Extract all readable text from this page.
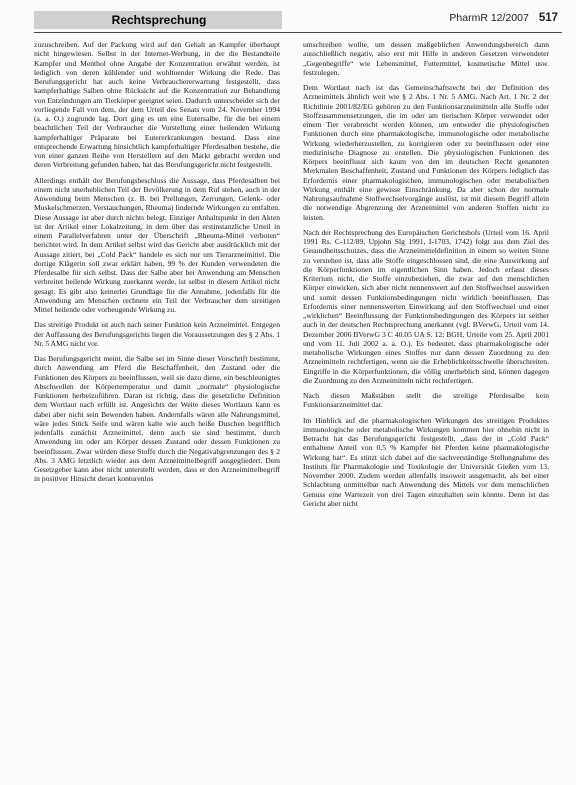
Rechtsprechung	PharmR 12/2007 517

zuzuschreiben. Auf der Packung wird auf den Gehalt an Kampfer überhaupt nicht hingewiesen. Selbst in der Internet-Werbung, in der die Bestandteile Kampfer und Menthol ohne Angabe der Konzentration erwähnt werden, ist lediglich von deren kühlender und wohltuender Wirkung die Rede. Das Berufungsgericht hat auch keine Verbrauchererwartung festgestellt, dass kampferhaltige Salben ohne Rücksicht auf die Konzentration zur Behandlung von Entzündungen am Tierkörper geeignet seien. Dadurch unterscheidet sich der vorliegende Fall von dem, der dem Urteil des Senats vom 24. November 1994 (a. a. O.) zugrunde lag. Dort ging es um eine Eutersalbe, für die bei einem beachtlichen Teil der Verbraucher die Vorstellung einer heilenden Wirkung kampferhaltiger Präparate bei Eutererkrankungen bestand. Dass eine entsprechende Erwartung hinsichtlich kampferhaltiger Pferdesalben bestehe, die von einer ganzen Reihe von Herstellern auf den Markt gebracht werden und deren Verbreitung gefunden haben, hat das Berufungsgericht nicht festgestellt.

Allerdings enthält der Berufungsbeschluss die Aussage, dass Pferdesalben bei einem nicht unerheblichen Teil der Bevölkerung in dem Ruf stehen, auch in der Anwendung beim Menschen (z. B. bei Prellungen, Zerrungen, Gelenk- oder Muskelschmerzen, Verstauchungen, Rheuma) lindernde Wirkungen zu entfalten. Diese Aussage ist aber durch nichts belegt. Einziger Anhaltspunkt in den Akten ist der Artikel einer Lokalzeitung, in dem über das erstinstanzliche Urteil in einem Parallelverfahren unter der Überschrift „Rheuma-Mittel verboten“ berichtet wird. In dem Artikel selbst wird das Gericht aber ausdrücklich mit der Aussage zitiert, bei „Cold Pack“ handele es sich nur um Tierarzneimittel. Die dortige Klägerin soll zwar erklärt haben, 99 % der Kunden verwendeten die Pferdesalbe für sich selbst. Dass der Salbe aber bei Anwendung am Menschen verbreitet heilende Wirkung zuerkannt werde, ist selbst in diesem Artikel nicht gesagt. Es gibt also keinerlei Grundlage für die Annahme, jedenfalls für die Anwendung am Menschen rechnete ein Teil der Verbraucher dem streitigen Mittel heilende oder vorbeugende Wirkung zu.

Das streitige Produkt ist auch nach seiner Funktion kein Arzneimittel. Entgegen der Auffassung des Berufungsgerichts liegen die Voraussetzungen des § 2 Abs. 1 Nr. 5 AMG nicht vor.

Das Berufungsgericht meint, die Salbe sei im Sinne dieser Vorschrift bestimmt, durch Anwendung am Pferd die Beschaffenheit, den Zustand oder die Funktionen des Körpers zu beeinflussen, weil sie dazu diene, ein beschleunigtes Abschwellen der Körpertemperatur und damit „normale“ physiologische Funktionen herbeizuführen. Daran ist richtig, dass die gesetzliche Definition dem Wortlaut nach erfüllt ist. Angesichts der Weite dieses Wortlauts kann es dabei aber nicht sein Bewenden haben. Andernfalls wären alle Nahrungsmittel, wäre jedes Stück Seife und wären kalte wie auch heiße Duschen begrifflich jedenfalls zunächst Arzneimittel, denn auch sie sind bestimmt, durch Anwendung im oder am Körper dessen Zustand oder dessen Funktionen zu beeinflussen. Zwar würden diese Stoffe durch die Negativabgrenzungen des § 2 Abs. 3 AMG letztlich wieder aus dem Arzneimittelbegriff ausgegliedert. Dem Gesetzgeber kann aber nicht unterstellt werden, dass er den Arzneimittelbegriff in positiver Hinsicht derart konturenlos

umschreiben wollte, um dessen maßgeblichen Anwendungsbereich dann ausschließlich negativ, also erst mit Hilfe in anderen Gesetzen verwendeter „Gegenbegriffe“ wie Lebensmittel, Futtermittel, kosmetische Mittel usw. festzulegen.

Dem Wortlaut nach ist das Gemeinschaftsrecht bei der Definition des Arzneimittels ähnlich weit wie § 2 Abs. 1 Nr. 5 AMG. Nach Art. 1 Nr. 2 der Richtlinie 2001/82/EG gehören zu den Funktionsarzneimitteln alle Stoffe oder Stoffzusammensetzungen, die im oder am tierischen Körper verwendet oder einem Tier verabreicht werden können, um entweder die physiologischen Funktionen durch eine pharmakologische, immunologische oder metabolische Wirkung wiederherzustellen, zu korrigieren oder zu beeinflussen oder eine medizinische Diagnose zu erstellen. Die physiologischen Funktionen des Körpers beeinflusst sich kaum von den im deutschen Recht genannten Merkmalen Beschaffenheit, Zustand und Funktionen des Körpers lediglich das Erfordernis einer pharmakologischen, immunologischen oder metabolischen Wirkung enthält eine gewisse Einschränkung. Da aber schon der normale Nahrungsaufnahme Stoffwechselvorgänge auslöst, ist mit diesem Begriff allein die notwendige Abgrenzung der Arzneimittel von anderen Stoffen nicht zu leisten.

Nach der Rechtsprechung des Europäischen Gerichtshofs (Urteil vom 16. April 1991 Rs. C-112/89, Upjohn Slg 1991, I-1703, 1742) folgt aus dem Ziel des Gesundheitsschutzes, dass die Arzneimitteldefinition in einem so weiten Sinne zu verstehen ist, dass alle Stoffe eingeschlossen sind, die eine Auswirkung auf die Körperfunktionen im eigentlichen Sinn haben. Jedoch erfasst dieses Kriterium nicht, die Stoffe einzubeziehen, die zwar auf den menschlichen Körper einwirken, sich aber nicht nennenswert auf den Stoffwechsel auswirken und somit dessen Funktionsbedingungen nicht wirklich beeinflussen. Das Erfordernis einer nennenswerten Einwirkung auf den Stoffwechsel und einer „wirklichen“ Beeinflussung der Funktionsbedingungen des Körpers ist seither auch in der deutschen Rechtsprechung anerkannt (vgl. BVerwG, Urteil vom 14. Dezember 2006 BVerwG 3 C 40.05 UA S. 12; BGH, Urteile vom 25. April 2001 und vom 11. Juli 2002 a. a. O.). Es bedeutet, dass pharmakologische oder metabolische Wirkungen eines Stoffes nur dann dessen Zuordnung zu den Arzneimitteln rechtfertigen, wenn sie die Erheblichkeitsschwelle überschreiten. Eingriffe in die Körperfunktionen, die völlig unerheblich sind, können dagegen die Zuordnung zu den Arzneimitteln nicht rechtfertigen.

Nach diesen Maßstäben stellt die streitige Pferdesalbe kein Funktionsarzneimittel dar.

Im Hinblick auf die pharmakologischen Wirkungen des streitigen Produktes immunologische oder metabolische Wirkungen kommen hier ohnehin nicht in Betracht hat das Berufungsgericht festgestellt, „dass der in „Cold Pack“ enthaltene Anteil von 0,5 % Kampfer bei Pferden keine pharmakologische Wirkung hat“. Es stützt sich dabei auf die sachverständige Stellungnahme des Instituts für Pharmakologie und Toxikologie der Universität Gießen vom 13. November 2000. Zudem werden allenfalls insoweit ausgemacht, als bei einer Schlachtung unmittelbar nach Anwendung des Mittels vor dem menschlichen Genuss eine Wartezeit von drei Tagen einzuhalten sein könnte. Denn ist das Gericht aber nicht
